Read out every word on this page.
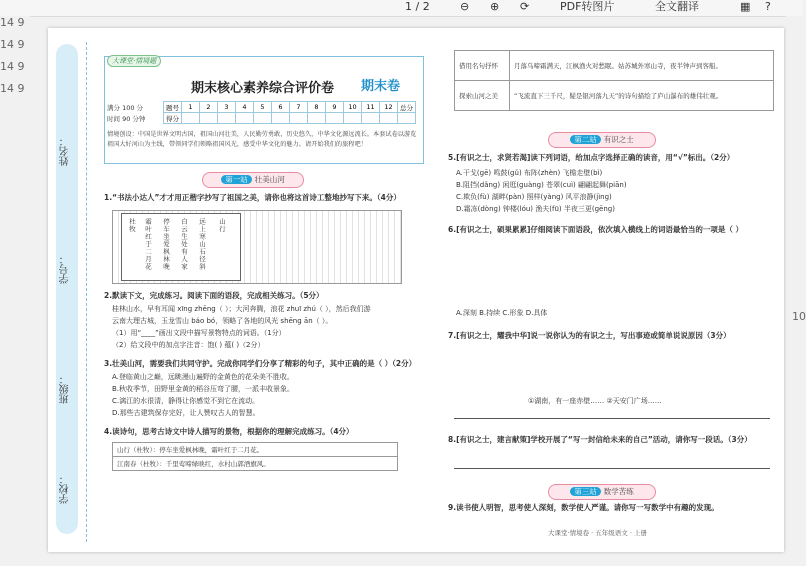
1 / 2	⊖ ⊕ ⟳	PDF转图片	全文翻译	▦ ?
14 9
14 9
14 9
14 9
10
姓名：
学号：
班级：
学校：
大课堂·情境题
期末核心素养综合评价卷 期末卷
满分 100 分
时间 90 分钟
题号	1	2	3	4	5	6	7	8	9	10	11	12	总分
得分													
情境创设：中国是世界文明古国，祖国山河壮美，人民勤劳勇敢，历史悠久，中华文化源远流长。本套试卷以游览祖国大好河山为主线，带领同学们领略祖国风光，感受中华文化的魅力。请开始我们的旅程吧！
第一站 壮美山河
1.“书法小达人”才才用正楷字抄写了祖国之美，请你也将这首诗工整地抄写下来。（4分）
山行
远上寒山石径斜
白云生处有人家
停车坐爱枫林晚
霜叶红于二月花
杜牧
2.默读下文，完成练习。阅读下面的语段，完成相关练习。（5分）
桂林山水，早有耳闻 xīng zhēng（ ）；大河奔腾，浪花 zhuī zhú（ ），然后我们游
云南大理古城，玉龙雪山 báo bó，领略了各地的风光 shēng ān（ ）。
（1）用“____”画出文段中描写景物特点的词语。（1分）
（2）给文段中的加点字注音：饱( ) 蕴( )（2分）
3.壮美山河，需要我们共同守护。完成你同学们分享了精彩的句子，其中正确的是（ ）（2分）
A.登临黄山之巅，远眺漫山遍野的金黄色的花朵美不胜收。
B.秋收季节，田野里金黄的稻谷压弯了腰，一派丰收景象。
C.漓江的水很清，静得让你感觉不到它在流动。
D.那些古建筑保存完好，让人赞叹古人的智慧。
4.读诗句，思考古诗文中诗人描写的景物，根据你的理解完成练习。（4分）
山行（杜牧）：停车坐爱枫林晚，霜叶红于二月花。
江南春（杜牧）：千里莺啼绿映红，水村山郭酒旗风。
借用名句抒怀	月落乌啼霜满天，江枫渔火对愁眠。姑苏城外寒山寺，夜半钟声到客船。
探索山河之美	“飞流直下三千尺，疑是银河落九天”的诗句描绘了庐山瀑布的雄伟壮观。
第二站 有识之士
5.[有识之士，求贤若渴]读下列词语，给加点字选择正确的读音，用“√”标出。（2分）
A.干戈(ɡē) 鸣鼓(ɡǔ) 布阵(zhèn) 飞檐走壁(bì)
B.阻挡(dǎnɡ) 闲逛(ɡuàng) 苍翠(cuì) 翩翩起舞(piān)
C.欺负(fù) 湖畔(pàn) 照样(yànɡ) 风平浪静(jìnɡ)
D.霜冻(dònɡ) 钟楼(lóu) 渔夫(fū) 半夜三更(ɡēnɡ)
6.[有识之士，硕果累累]仔细阅读下面语段，依次填入横线上的词语最恰当的一项是（ ）
A.深刻 B.持续 C.形象 D.具体
7.[有识之士，耀我中华]说一说你认为的有识之士，写出事迹或简单说说原因（3分）
①湖南，有一座赤壁…… ②天安门广场……
8.[有识之士，建言献策]学校开展了“写一封信给未来的自己”活动，请你写一段话。（3分）
第三站 数学苦练
9.读书使人明智，思考使人深刻，数学使人严谨。请你写一写数学中有趣的发现。
大课堂·情境卷 · 五年级语文 · 上册
